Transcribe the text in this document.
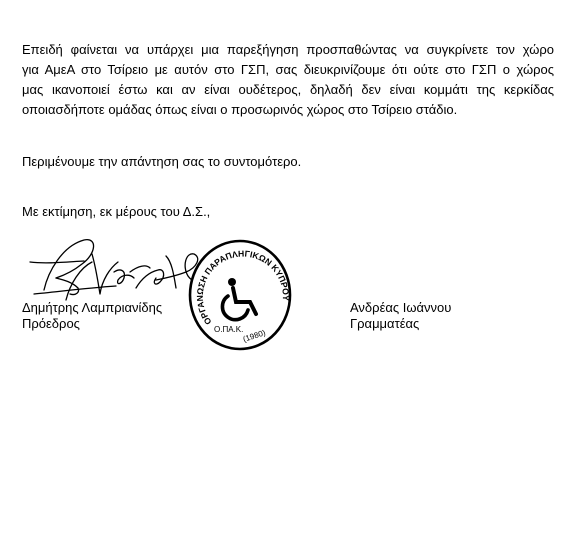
Επειδή φαίνεται να υπάρχει μια παρεξήγηση προσπαθώντας να συγκρίνετε τον χώρο
για ΑμεΑ στο Τσίρειο με αυτόν στο ΓΣΠ, σας διευκρινίζουμε ότι ούτε στο ΓΣΠ ο χώρος
μας ικανοποιεί έστω και αν είναι ουδέτερος, δηλαδή δεν είναι κομμάτι της κερκίδας
οποιασδήποτε ομάδας όπως είναι ο προσωρινός χώρος στο Τσίρειο στάδιο.

Περιμένουμε την απάντηση σας το συντομότερο.

Με εκτίμηση, εκ μέρους του Δ.Σ.,

Δημήτρης Λαμπριανίδης
Πρόεδρος
Ανδρέας Ιωάννου
Γραμματέας
ΟΡΓΑΝΩΣΗ ΠΑΡΑΠΛΗΓΙΚΩΝ ΚΥΠΡΟΥ
Ο.ΠΑ.Κ.
(1980)
